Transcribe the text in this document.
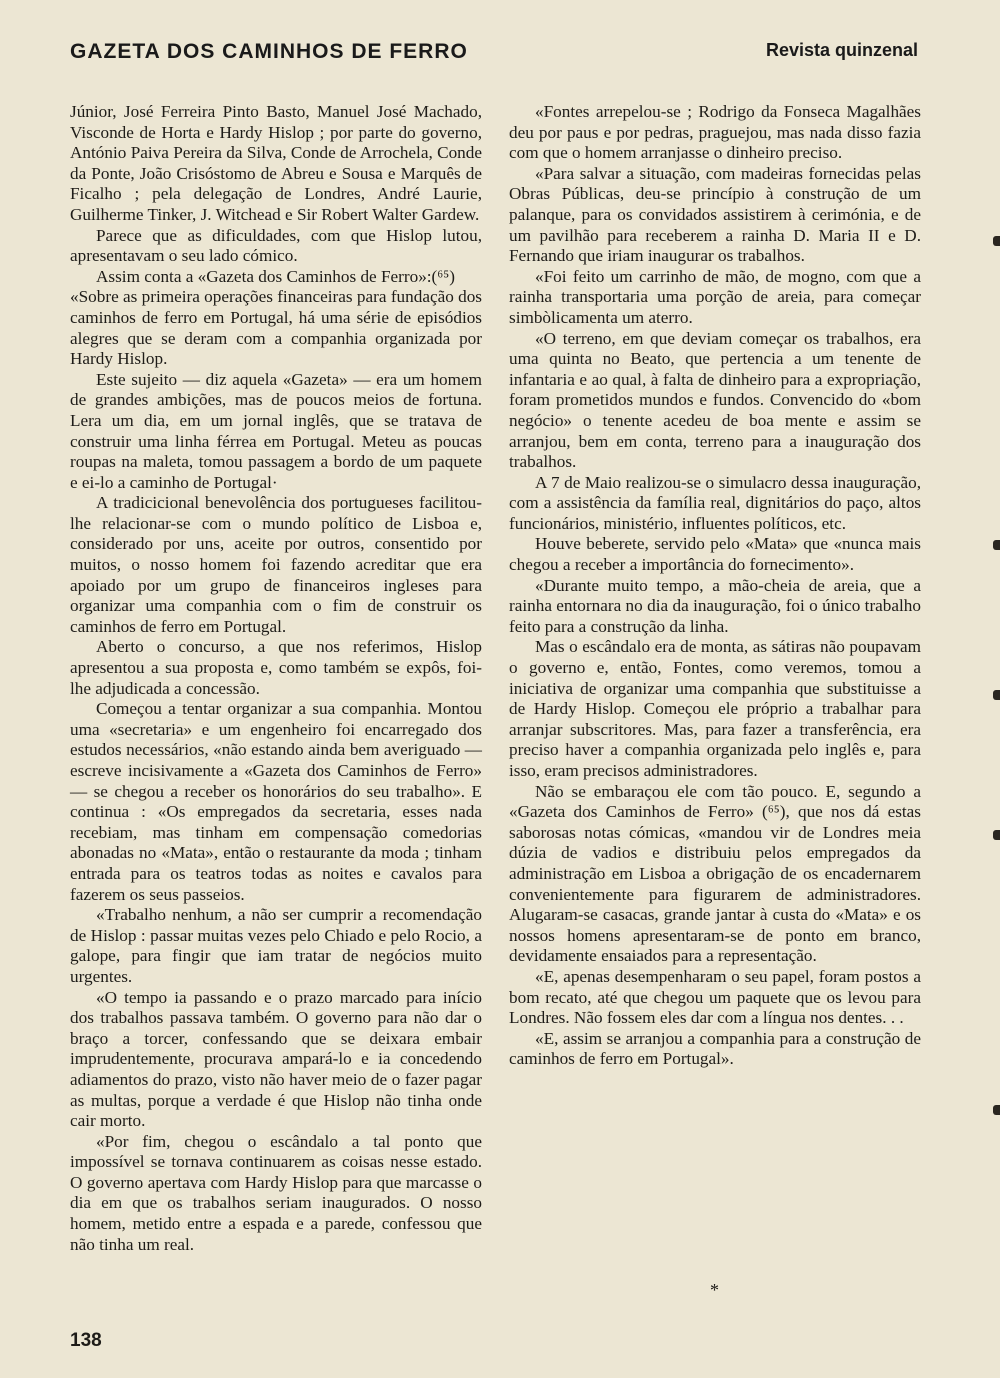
GAZETA DOS CAMINHOS DE FERRO	Revista quinzenal

Júnior, José Ferreira Pinto Basto, Manuel José Machado, Visconde de Horta e Hardy Hislop ; por parte do governo, António Paiva Pereira da Silva, Conde de Arrochela, Conde da Ponte, João Crisóstomo de Abreu e Sousa e Marquês de Ficalho ; pela delegação de Londres, André Laurie, Guilherme Tinker, J. Witchead e Sir Robert Walter Gardew.

Parece que as dificuldades, com que Hislop lutou, apresentavam o seu lado cómico.

Assim conta a «Gazeta dos Caminhos de Ferro»:(⁶⁵)

«Sobre as primeira operações financeiras para fundação dos caminhos de ferro em Portugal, há uma série de episódios alegres que se deram com a companhia organizada por Hardy Hislop.

Este sujeito — diz aquela «Gazeta» — era um homem de grandes ambições, mas de poucos meios de fortuna. Lera um dia, em um jornal inglês, que se tratava de construir uma linha férrea em Portugal. Meteu as poucas roupas na maleta, tomou passagem a bordo de um paquete e ei-lo a caminho de Portugal·

A tradicicional benevolência dos portugueses facilitou-lhe relacionar-se com o mundo político de Lisboa e, considerado por uns, aceite por outros, consentido por muitos, o nosso homem foi fazendo acreditar que era apoiado por um grupo de financeiros ingleses para organizar uma companhia com o fim de construir os caminhos de ferro em Portugal.

Aberto o concurso, a que nos referimos, Hislop apresentou a sua proposta e, como também se expôs, foi-lhe adjudicada a concessão.

Começou a tentar organizar a sua companhia. Montou uma «secretaria» e um engenheiro foi encarregado dos estudos necessários, «não estando ainda bem averiguado — escreve incisivamente a «Gazeta dos Caminhos de Ferro» — se chegou a receber os honorários do seu trabalho». E continua : «Os empregados da secretaria, esses nada recebiam, mas tinham em compensação comedorias abonadas no «Mata», então o restaurante da moda ; tinham entrada para os teatros todas as noites e cavalos para fazerem os seus passeios.

«Trabalho nenhum, a não ser cumprir a recomendação de Hislop : passar muitas vezes pelo Chiado e pelo Rocio, a galope, para fingir que iam tratar de negócios muito urgentes.

«O tempo ia passando e o prazo marcado para início dos trabalhos passava também. O governo para não dar o braço a torcer, confessando que se deixara embair imprudentemente, procurava ampará-lo e ia concedendo adiamentos do prazo, visto não haver meio de o fazer pagar as multas, porque a verdade é que Hislop não tinha onde cair morto.

«Por fim, chegou o escândalo a tal ponto que impossível se tornava continuarem as coisas nesse estado. O governo apertava com Hardy Hislop para que marcasse o dia em que os trabalhos seriam inaugurados. O nosso homem, metido entre a espada e a parede, confessou que não tinha um real.

«Fontes arrepelou-se ; Rodrigo da Fonseca Magalhães deu por paus e por pedras, praguejou, mas nada disso fazia com que o homem arranjasse o dinheiro preciso.

«Para salvar a situação, com madeiras fornecidas pelas Obras Públicas, deu-se princípio à construção de um palanque, para os convidados assistirem à cerimónia, e de um pavilhão para receberem a rainha D. Maria II e D. Fernando que iriam inaugurar os trabalhos.

«Foi feito um carrinho de mão, de mogno, com que a rainha transportaria uma porção de areia, para começar simbòlicamenta um aterro.

«O terreno, em que deviam começar os trabalhos, era uma quinta no Beato, que pertencia a um tenente de infantaria e ao qual, à falta de dinheiro para a expropriação, foram prometidos mundos e fundos. Convencido do «bom negócio» o tenente acedeu de boa mente e assim se arranjou, bem em conta, terreno para a inauguração dos trabalhos.

A 7 de Maio realizou-se o simulacro dessa inauguração, com a assistência da família real, dignitários do paço, altos funcionários, ministério, influentes políticos, etc.

Houve beberete, servido pelo «Mata» que «nunca mais chegou a receber a importância do fornecimento».

«Durante muito tempo, a mão-cheia de areia, que a rainha entornara no dia da inauguração, foi o único trabalho feito para a construção da linha.

Mas o escândalo era de monta, as sátiras não poupavam o governo e, então, Fontes, como veremos, tomou a iniciativa de organizar uma companhia que substituisse a de Hardy Hislop. Começou ele próprio a trabalhar para arranjar subscritores. Mas, para fazer a transferência, era preciso haver a companhia organizada pelo inglês e, para isso, eram precisos administradores.

Não se embaraçou ele com tão pouco. E, segundo a «Gazeta dos Caminhos de Ferro» (⁶⁵), que nos dá estas saborosas notas cómicas, «mandou vir de Londres meia dúzia de vadios e distribuiu pelos empregados da administração em Lisboa a obrigação de os encadernarem convenientemente para figurarem de administradores. Alugaram-se casacas, grande jantar à custa do «Mata» e os nossos homens apresentaram-se de ponto em branco, devidamente ensaiados para a representação.

«E, apenas desempenharam o seu papel, foram postos a bom recato, até que chegou um paquete que os levou para Londres. Não fossem eles dar com a língua nos dentes. . .

«E, assim se arranjou a companhia para a construção de caminhos de ferro em Portugal».

*
138
